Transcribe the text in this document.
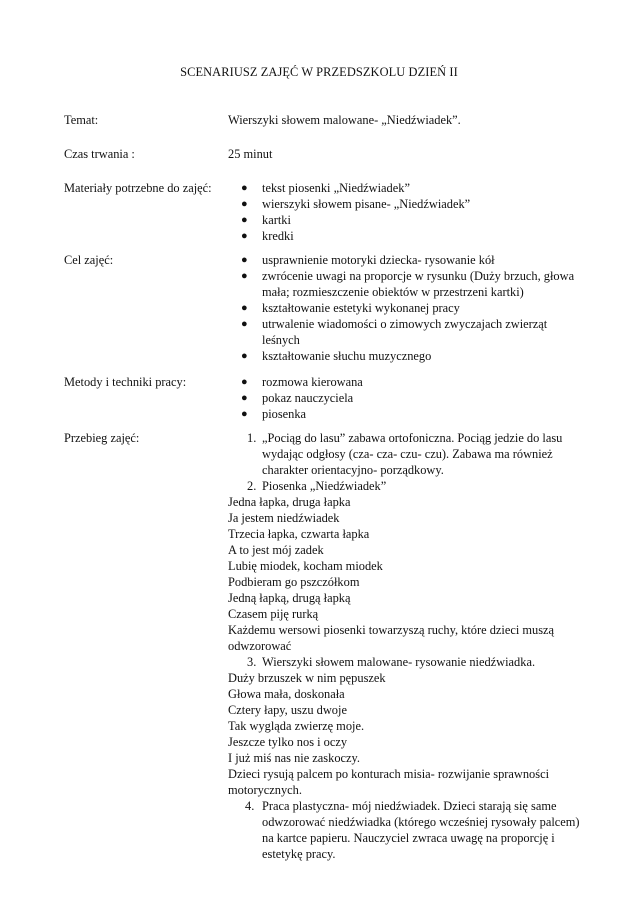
SCENARIUSZ ZAJĘĆ W PRZEDSZKOLU DZIEŃ II
Temat:	Wierszyki słowem malowane- „Niedźwiadek”.
Czas trwania :	25 minut
Materiały potrzebne do zajęć:	● tekst piosenki „Niedźwiadek”
● wierszyki słowem pisane- „Niedźwiadek”
● kartki
● kredki
Cel zajęć:	● usprawnienie motoryki dziecka- rysowanie kół
● zwrócenie uwagi na proporcje w rysunku (Duży brzuch, głowa mała; rozmieszczenie obiektów w przestrzeni kartki)
● kształtowanie estetyki wykonanej pracy
● utrwalenie wiadomości o zimowych zwyczajach zwierząt leśnych
● kształtowanie słuchu muzycznego
Metody i techniki pracy:	● rozmowa kierowana
● pokaz nauczyciela
● piosenka
Przebieg zajęć:	1. „Pociąg do lasu” zabawa ortofoniczna. Pociąg jedzie do lasu wydając odgłosy (cza- cza- czu- czu). Zabawa ma również charakter orientacyjno- porządkowy.
2. Piosenka „Niedźwiadek”
Jedna łapka, druga łapka
Ja jestem niedźwiadek
Trzecia łapka, czwarta łapka
A to jest mój zadek
Lubię miodek, kocham miodek
Podbieram go pszczółkom
Jedną łapką, drugą łapką
Czasem piję rurką
Każdemu wersowi piosenki towarzyszą ruchy, które dzieci muszą odwzorować
3. Wierszyki słowem malowane- rysowanie niedźwiadka.
Duży brzuszek w nim pępuszek
Głowa mała, doskonała
Cztery łapy, uszu dwoje
Tak wygląda zwierzę moje.
Jeszcze tylko nos i oczy
I już miś nas nie zaskoczy.
Dzieci rysują palcem po konturach misia- rozwijanie sprawności motorycznych.
4. Praca plastyczna- mój niedźwiadek. Dzieci starają się same odwzorować niedźwiadka (którego wcześniej rysowały palcem) na kartce papieru. Nauczyciel zwraca uwagę na proporcję i estetykę pracy.
